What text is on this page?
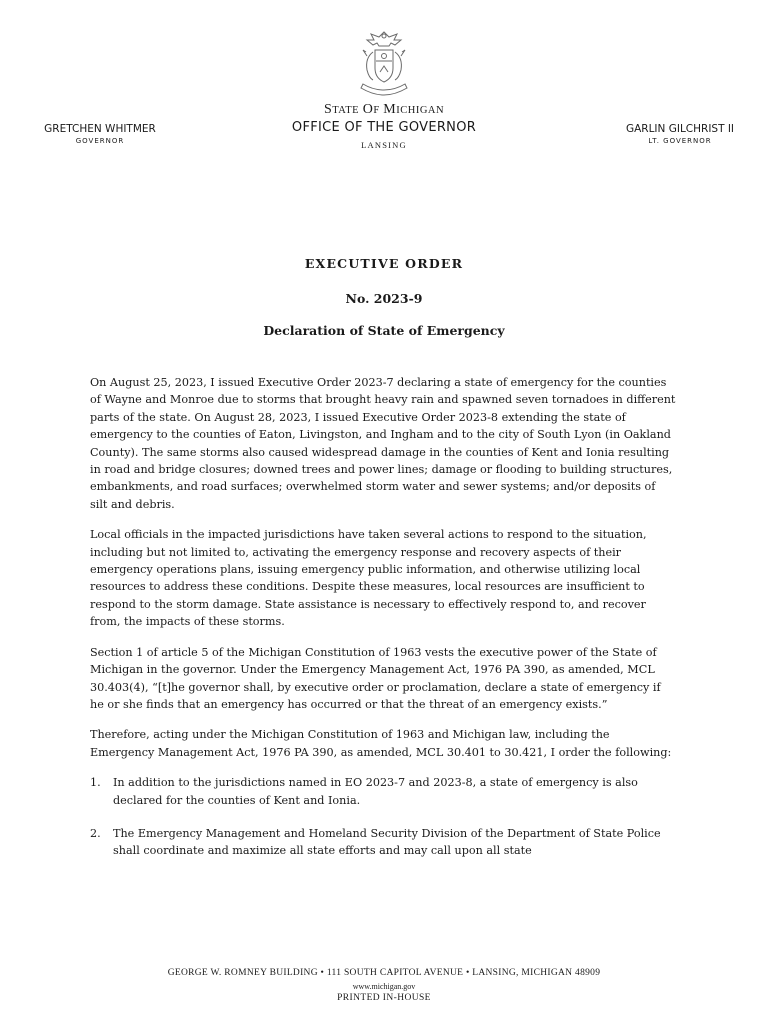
STATE OF MICHIGAN
OFFICE OF THE GOVERNOR
LANSING
GRETCHEN WHITMER
GOVERNOR
GARLIN GILCHRIST II
LT. GOVERNOR
EXECUTIVE ORDER
No. 2023-9
Declaration of State of Emergency

On August 25, 2023, I issued Executive Order 2023-7 declaring a state of emergency for the counties of Wayne and Monroe due to storms that brought heavy rain and spawned seven tornadoes in different parts of the state. On August 28, 2023, I issued Executive Order 2023-8 extending the state of emergency to the counties of Eaton, Livingston, and Ingham and to the city of South Lyon (in Oakland County). The same storms also caused widespread damage in the counties of Kent and Ionia resulting in road and bridge closures; downed trees and power lines; damage or flooding to building structures, embankments, and road surfaces; overwhelmed storm water and sewer systems; and/or deposits of silt and debris.

Local officials in the impacted jurisdictions have taken several actions to respond to the situation, including but not limited to, activating the emergency response and recovery aspects of their emergency operations plans, issuing emergency public information, and otherwise utilizing local resources to address these conditions. Despite these measures, local resources are insufficient to respond to the storm damage. State assistance is necessary to effectively respond to, and recover from, the impacts of these storms.

Section 1 of article 5 of the Michigan Constitution of 1963 vests the executive power of the State of Michigan in the governor. Under the Emergency Management Act, 1976 PA 390, as amended, MCL 30.403(4), “[t]he governor shall, by executive order or proclamation, declare a state of emergency if he or she finds that an emergency has occurred or that the threat of an emergency exists.”

Therefore, acting under the Michigan Constitution of 1963 and Michigan law, including the Emergency Management Act, 1976 PA 390, as amended, MCL 30.401 to 30.421, I order the following:

1. In addition to the jurisdictions named in EO 2023-7 and 2023-8, a state of emergency is also declared for the counties of Kent and Ionia.
2. The Emergency Management and Homeland Security Division of the Department of State Police shall coordinate and maximize all state efforts and may call upon all state
GEORGE W. ROMNEY BUILDING • 111 SOUTH CAPITOL AVENUE • LANSING, MICHIGAN 48909
www.michigan.gov
PRINTED IN-HOUSE
